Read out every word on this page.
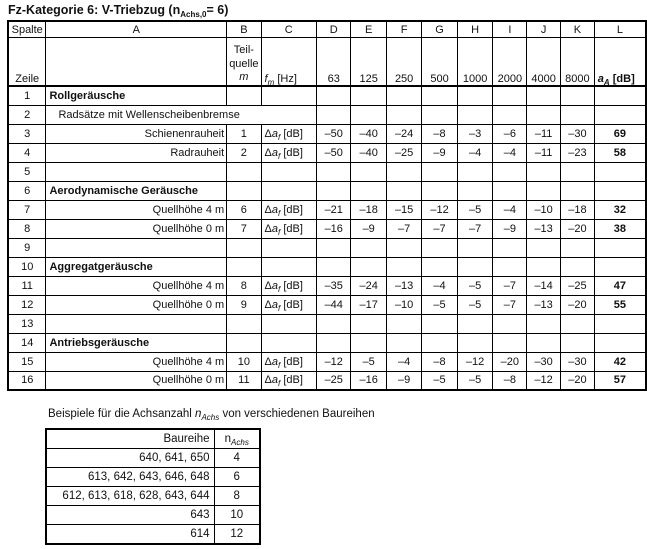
Fz-Kategorie 6: V-Triebzug $(n_{Achs,0}= 6)$
Spalte	A	B	C	D	E	F	G	H	I	J	K	L
Zeile		Teil-
quelle
m	$f_m$ [Hz]	63	125	250	500	1000	2000	4000	8000	$a_A$ [dB]
1	Rollgeräusche											
2	Radsätze mit Wellenscheibenbremse											
3	Schienenrauheit	1	$\Delta a_f$ [dB]	–50	–40	–24	–8	–3	–6	–11	–30	69
4	Radrauheit	2	$\Delta a_f$ [dB]	–50	–40	–25	–9	–4	–4	–11	–23	58
5												
6	Aerodynamische Geräusche											
7	Quellhöhe 4 m	6	$\Delta a_f$ [dB]	–21	–18	–15	–12	–5	–4	–10	–18	32
8	Quellhöhe 0 m	7	$\Delta a_f$ [dB]	–16	–9	–7	–7	–7	–9	–13	–20	38
9												
10	Aggregatgeräusche											
11	Quellhöhe 4 m	8	$\Delta a_f$ [dB]	–35	–24	–13	–4	–5	–7	–14	–25	47
12	Quellhöhe 0 m	9	$\Delta a_f$ [dB]	–44	–17	–10	–5	–5	–7	–13	–20	55
13												
14	Antriebsgeräusche											
15	Quellhöhe 4 m	10	$\Delta a_f$ [dB]	–12	–5	–4	–8	–12	–20	–30	–30	42
16	Quellhöhe 0 m	11	$\Delta a_f$ [dB]	–25	–16	–9	–5	–5	–8	–12	–20	57
Beispiele für die Achsanzahl $n_{Achs}$ von verschiedenen Baureihen
Baureihe	$n_{Achs}$
640, 641, 650	4
613, 642, 643, 646, 648	6
612, 613, 618, 628, 643, 644	8
643	10
614	12
